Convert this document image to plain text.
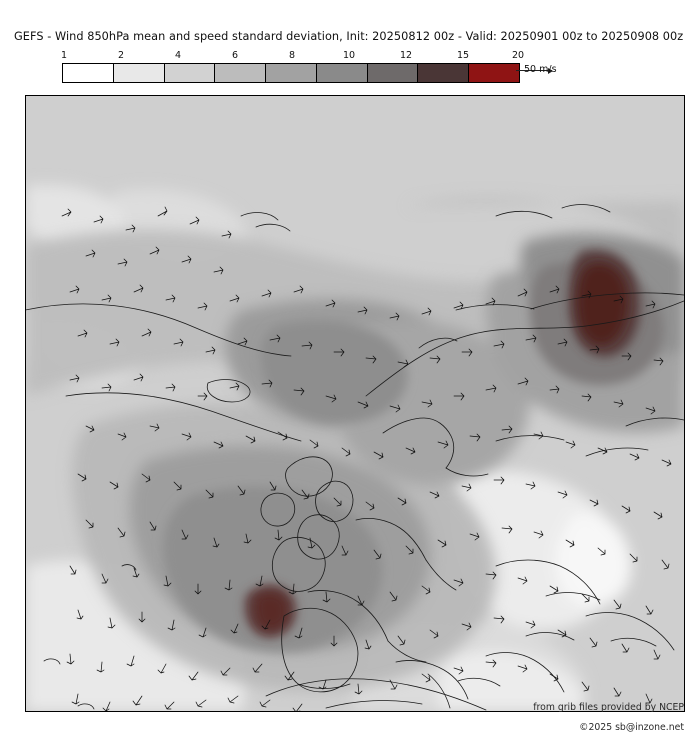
GEFS - Wind 850hPa mean and speed standard deviation, Init: 20250812 00z - Valid: 20250901 00z to 20250908 00z
1	2	4	6	8	10	12	15	20
50 m/s
from grib files provided by NCEP
©2025 sb@inzone.net
